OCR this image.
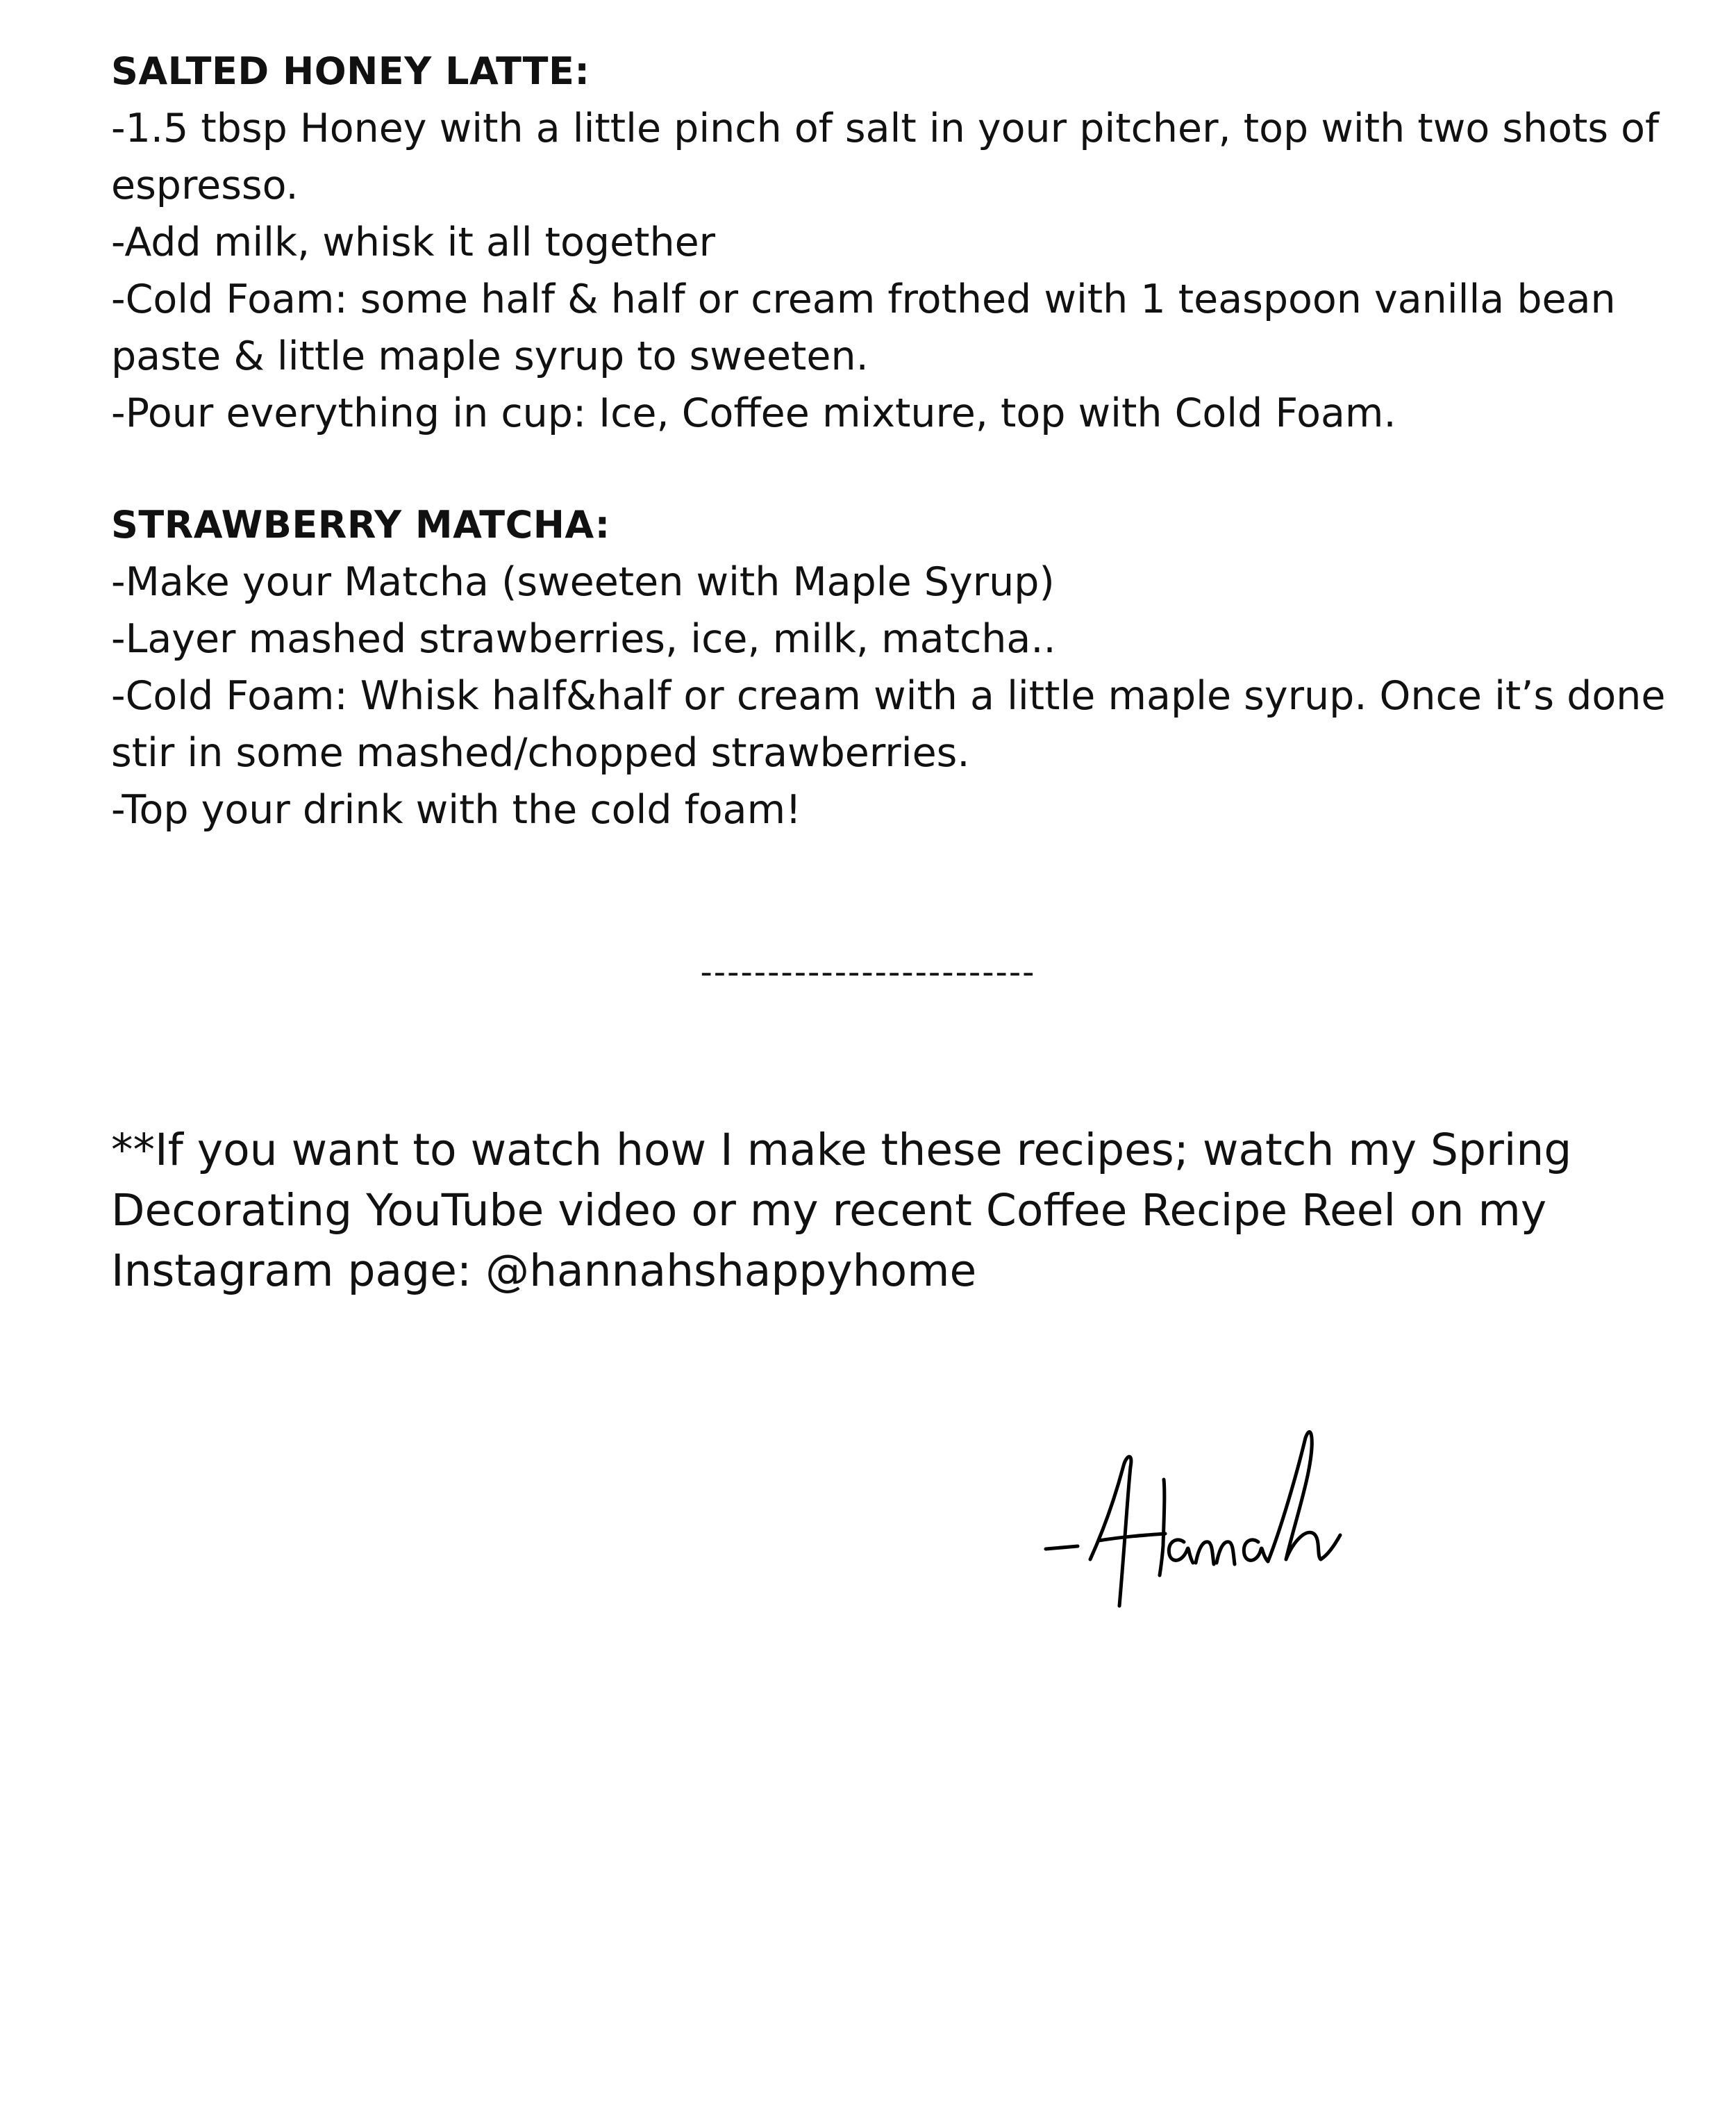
SALTED HONEY LATTE:

-1.5 tbsp Honey with a little pinch of salt in your pitcher, top with two shots of espresso.

-Add milk, whisk it all together

-Cold Foam: some half & half or cream frothed with 1 teaspoon vanilla bean paste & little maple syrup to sweeten.

-Pour everything in cup: Ice, Coffee mixture, top with Cold Foam.

STRAWBERRY MATCHA:

-Make your Matcha (sweeten with Maple Syrup)

-Layer mashed strawberries, ice, milk, matcha..

-Cold Foam: Whisk half&half or cream with a little maple syrup. Once it’s done stir in some mashed/chopped strawberries.

-Top your drink with the cold foam!

-------------------------

**If you want to watch how I make these recipes; watch my Spring Decorating YouTube video or my recent Coffee Recipe Reel on my Instagram page: @hannahshappyhome
